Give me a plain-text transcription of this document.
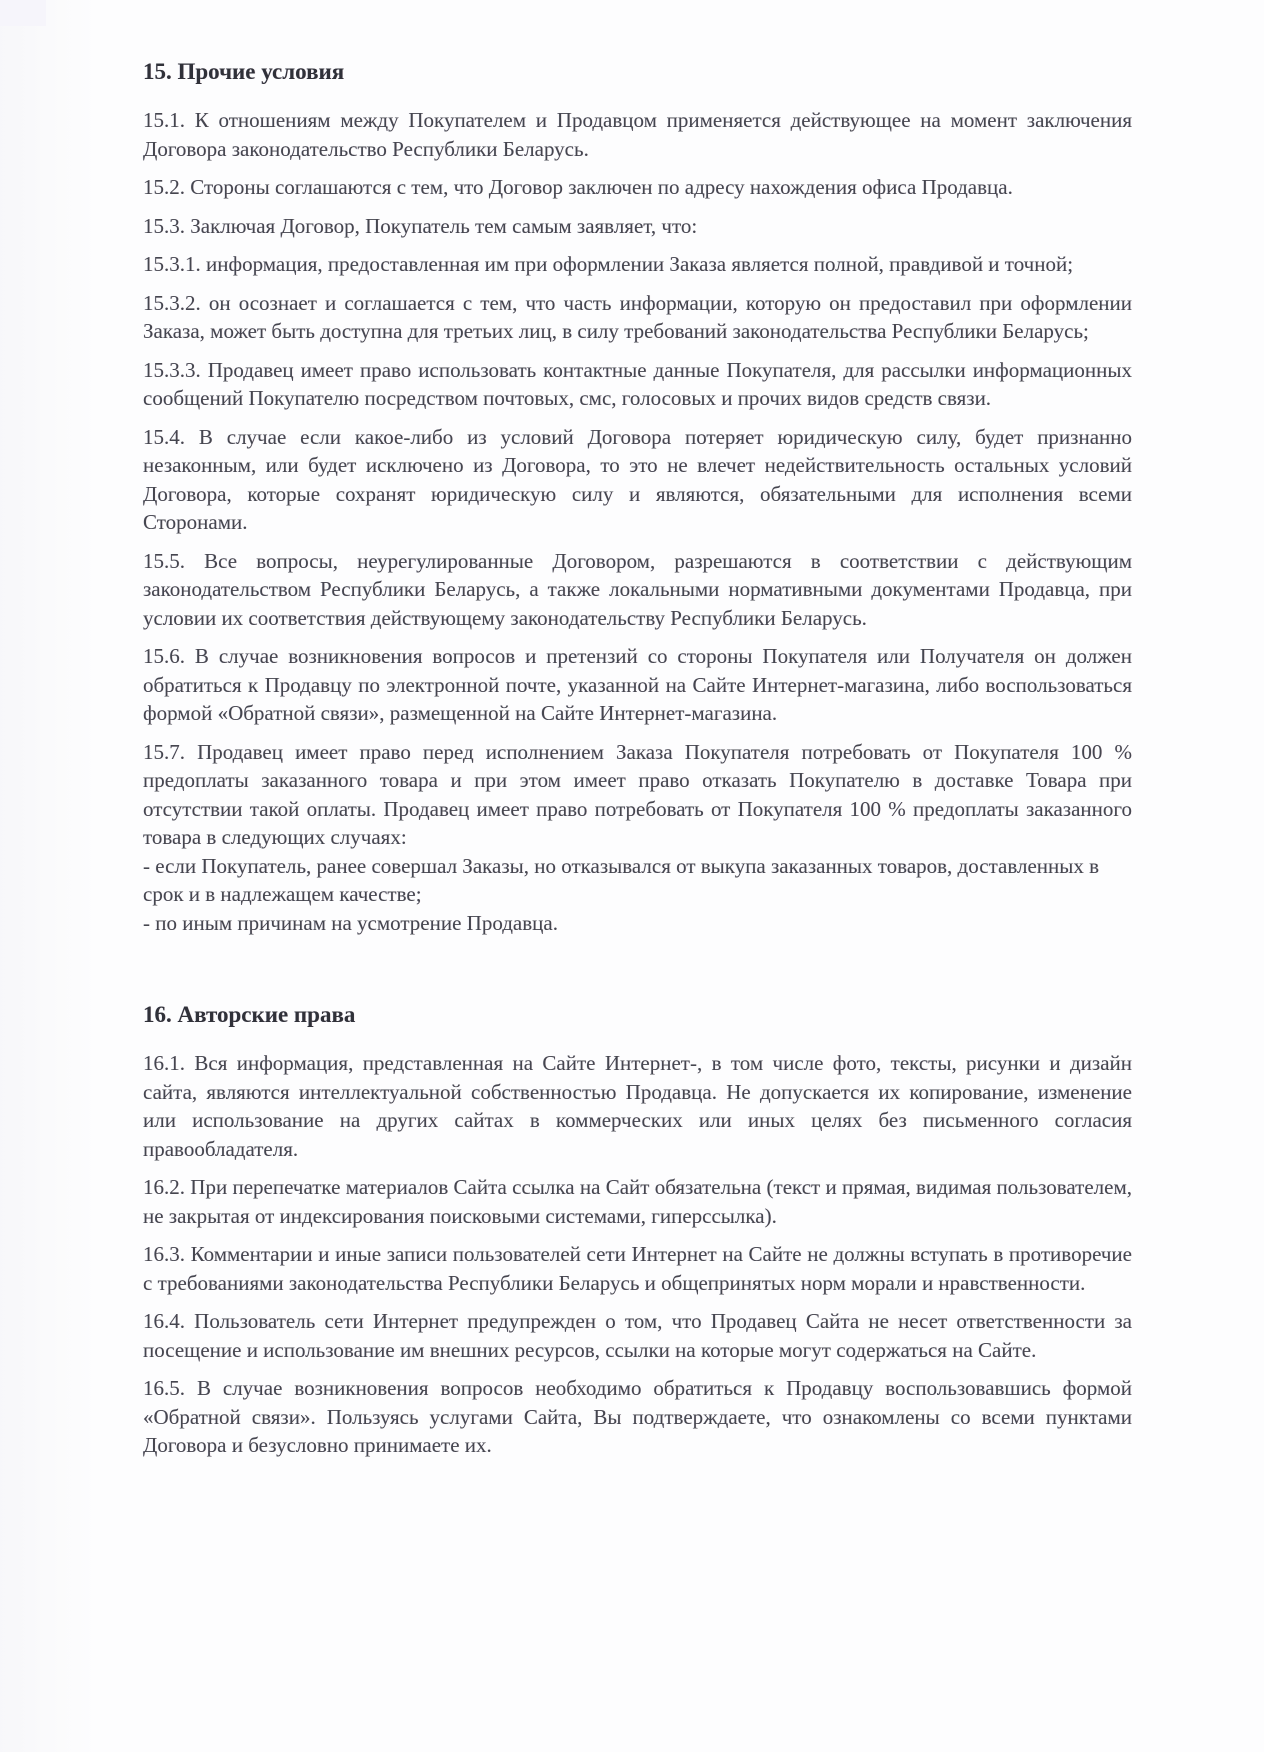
15. Прочие условия

15.1. К отношениям между Покупателем и Продавцом применяется действующее на момент заключения Договора законодательство Республики Беларусь.

15.2. Стороны соглашаются с тем, что Договор заключен по адресу нахождения офиса Продавца.

15.3. Заключая Договор, Покупатель тем самым заявляет, что:

15.3.1. информация, предоставленная им при оформлении Заказа является полной, правдивой и точной;

15.3.2. он осознает и соглашается с тем, что часть информации, которую он предоставил при оформлении Заказа, может быть доступна для третьих лиц, в силу требований законодательства Республики Беларусь;

15.3.3. Продавец имеет право использовать контактные данные Покупателя, для рассылки информационных сообщений Покупателю посредством почтовых, смс, голосовых и прочих видов средств связи.

15.4. В случае если какое-либо из условий Договора потеряет юридическую силу, будет признанно незаконным, или будет исключено из Договора, то это не влечет недействительность остальных условий Договора, которые сохранят юридическую силу и являются, обязательными для исполнения всеми Сторонами.

15.5. Все вопросы, неурегулированные Договором, разрешаются в соответствии с действующим законодательством Республики Беларусь, а также локальными нормативными документами Продавца, при условии их соответствия действующему законодательству Республики Беларусь.

15.6. В случае возникновения вопросов и претензий со стороны Покупателя или Получателя он должен обратиться к Продавцу по электронной почте, указанной на Сайте Интернет-магазина, либо воспользоваться формой «Обратной связи», размещенной на Сайте Интернет-магазина.

15.7. Продавец имеет право перед исполнением Заказа Покупателя потребовать от Покупателя 100 % предоплаты заказанного товара и при этом имеет право отказать Покупателю в доставке Товара при отсутствии такой оплаты. Продавец имеет право потребовать от Покупателя 100 % предоплаты заказанного товара в следующих случаях:
- если Покупатель, ранее совершал Заказы, но отказывался от выкупа заказанных товаров, доставленных в срок и в надлежащем качестве;
- по иным причинам на усмотрение Продавца.

16. Авторские права

16.1. Вся информация, представленная на Сайте Интернет-, в том числе фото, тексты, рисунки и дизайн сайта, являются интеллектуальной собственностью Продавца. Не допускается их копирование, изменение или использование на других сайтах в коммерческих или иных целях без письменного согласия правообладателя.

16.2. При перепечатке материалов Сайта ссылка на Сайт обязательна (текст и прямая, видимая пользователем, не закрытая от индексирования поисковыми системами, гиперссылка).

16.3. Комментарии и иные записи пользователей сети Интернет на Сайте не должны вступать в противоречие с требованиями законодательства Республики Беларусь и общепринятых норм морали и нравственности.

16.4. Пользователь сети Интернет предупрежден о том, что Продавец Сайта не несет ответственности за посещение и использование им внешних ресурсов, ссылки на которые могут содержаться на Сайте.

16.5. В случае возникновения вопросов необходимо обратиться к Продавцу воспользовавшись формой «Обратной связи». Пользуясь услугами Сайта, Вы подтверждаете, что ознакомлены со всеми пунктами Договора и безусловно принимаете их.
